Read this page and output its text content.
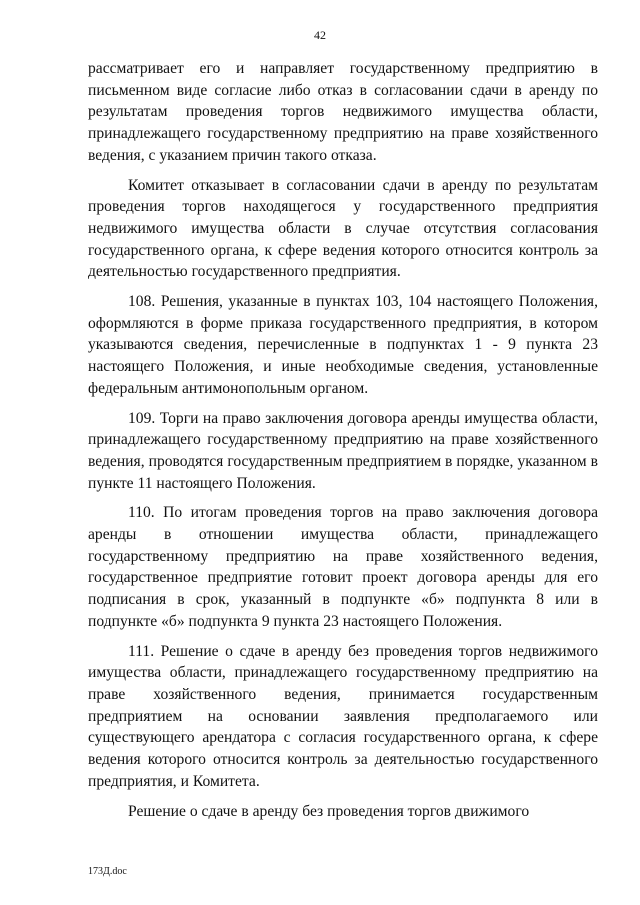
42

рассматривает его и направляет государственному предприятию в письменном виде согласие либо отказ в согласовании сдачи в аренду по результатам проведения торгов недвижимого имущества области, принадлежащего государственному предприятию на праве хозяйственного ведения, с указанием причин такого отказа.

Комитет отказывает в согласовании сдачи в аренду по результатам проведения торгов находящегося у государственного предприятия недвижимого имущества области в случае отсутствия согласования государственного органа, к сфере ведения которого относится контроль за деятельностью государственного предприятия.

108. Решения, указанные в пунктах 103, 104 настоящего Положения, оформляются в форме приказа государственного предприятия, в котором указываются сведения, перечисленные в подпунктах 1 - 9 пункта 23 настоящего Положения, и иные необходимые сведения, установленные федеральным антимонопольным органом.

109. Торги на право заключения договора аренды имущества области, принадлежащего государственному предприятию на праве хозяйственного ведения, проводятся государственным предприятием в порядке, указанном в пункте 11 настоящего Положения.

110. По итогам проведения торгов на право заключения договора аренды в отношении имущества области, принадлежащего государственному предприятию на праве хозяйственного ведения, государственное предприятие готовит проект договора аренды для его подписания в срок, указанный в подпункте «б» подпункта 8 или в подпункте «б» подпункта 9 пункта 23 настоящего Положения.

111. Решение о сдаче в аренду без проведения торгов недвижимого имущества области, принадлежащего государственному предприятию на праве хозяйственного ведения, принимается государственным предприятием на основании заявления предполагаемого или существующего арендатора с согласия государственного органа, к сфере ведения которого относится контроль за деятельностью государственного предприятия, и Комитета.

Решение о сдаче в аренду без проведения торгов движимого

173Д.doc
